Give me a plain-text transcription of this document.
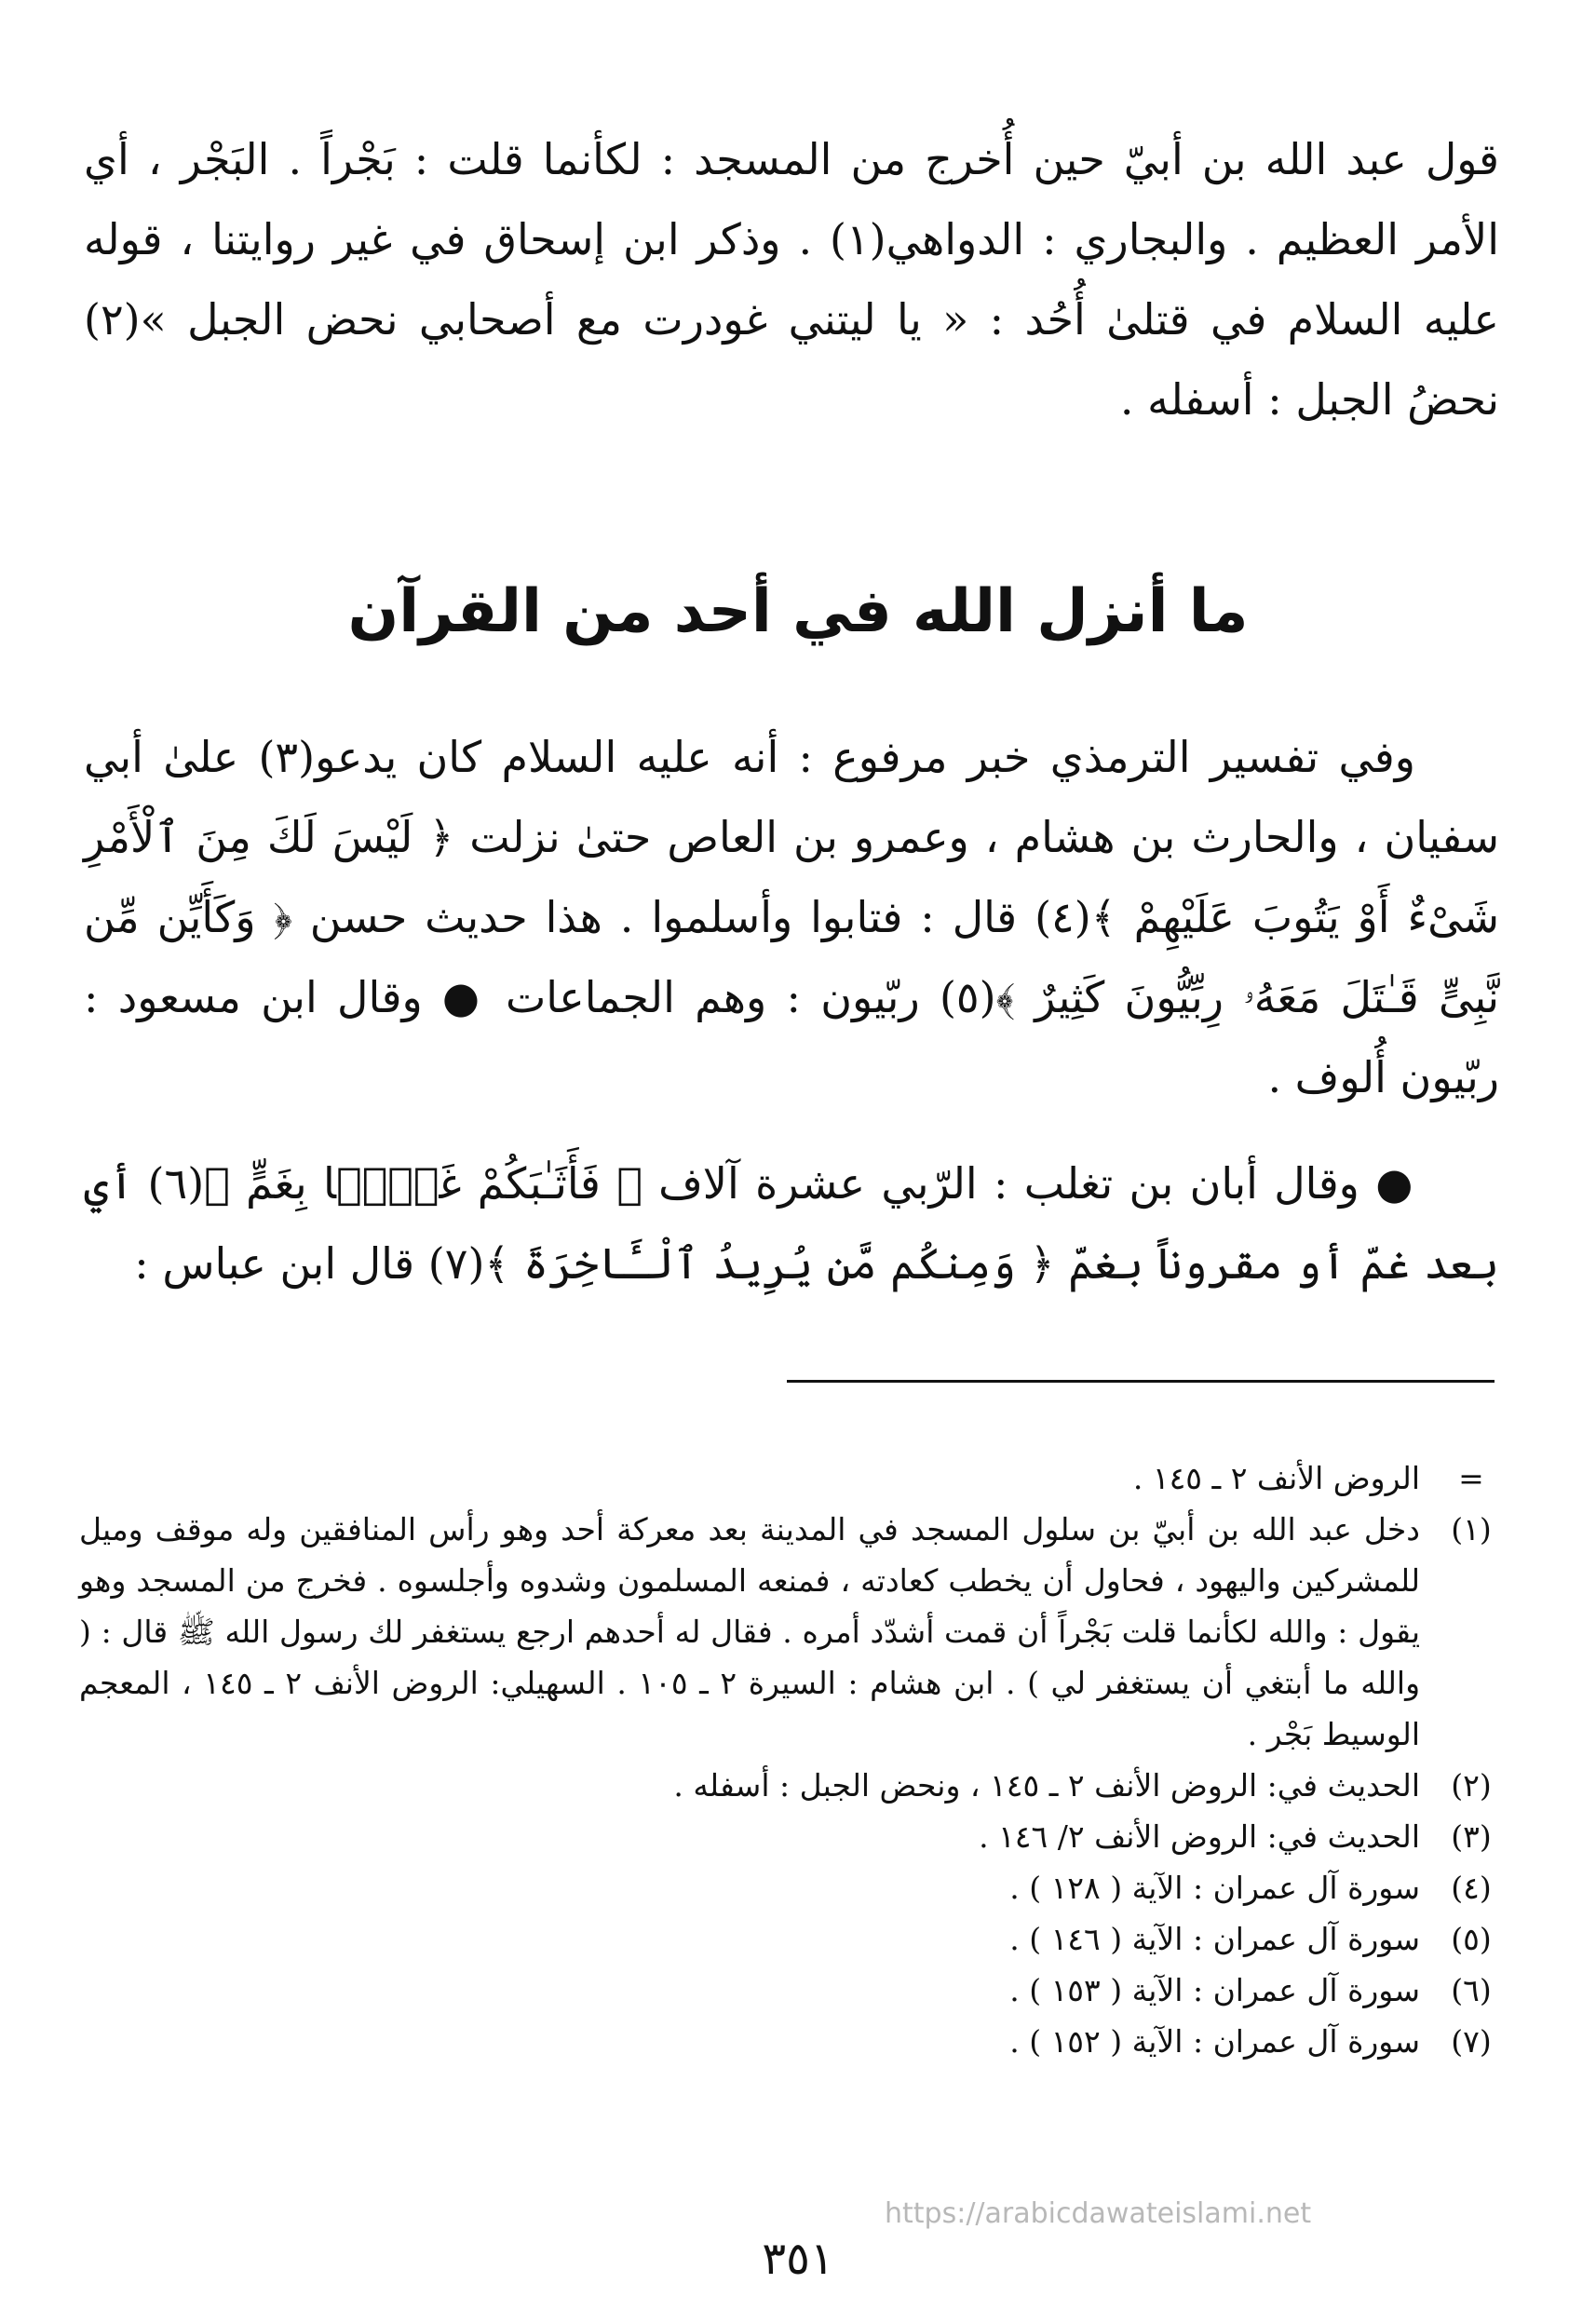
قول عبد الله بن أبيّ حين أُخرج من المسجد : لكأنما قلت : بَجْراً . البَجْر ، أي الأمر العظيم . والبجاري : الدواهي(١) . وذكر ابن إسحاق في غير روايتنا ، قوله عليه السلام في قتلىٰ أُحُد : « يا ليتني غودرت مع أصحابي نحض الجبل »(٢) نحضُ الجبل : أسفله .

ما أنزل الله في أحد من القرآن

وفي تفسير الترمذي خبر مرفوع : أنه عليه السلام كان يدعو(٣) علىٰ أبي سفيان ، والحارث بن هشام ، وعمرو بن العاص حتىٰ نزلت ﴿ لَيْسَ لَكَ مِنَ ٱلْأَمْرِ شَىْءٌ أَوْ يَتُوبَ عَلَيْهِمْ ﴾(٤) قال : فتابوا وأسلموا . هذا حديث حسن ﴿ وَكَأَيِّن مِّن نَّبِىٍّ قَـٰتَلَ مَعَهُۥ رِبِّيُّونَ كَثِيرٌ ﴾(٥) ربّيون : وهم الجماعات ● وقال ابن مسعود : ربّيون أُلوف .

● وقال أبان بن تغلب : الرّبي عشرة آلاف ﴿ فَأَثَـٰبَكُمْ غَمًّۢا بِغَمٍّ ﴾(٦) أي بعد غمّ أو مقروناً بغمّ ﴿ وَمِنكُم مَّن يُرِيدُ ٱلْـَٔاخِرَةَ ﴾(٧) قال ابن عباس :

=
الروض الأنف ٢ ـ ١٤٥ .
(١)
دخل عبد الله بن أبيّ بن سلول المسجد في المدينة بعد معركة أحد وهو رأس المنافقين وله موقف وميل للمشركين واليهود ، فحاول أن يخطب كعادته ، فمنعه المسلمون وشدوه وأجلسوه . فخرج من المسجد وهو يقول : والله لكأنما قلت بَجْراً أن قمت أشدّد أمره . فقال له أحدهم ارجع يستغفر لك رسول الله ﷺ قال : ( والله ما أبتغي أن يستغفر لي ) . ابن هشام : السيرة ٢ ـ ١٠٥ . السهيلي: الروض الأنف ٢ ـ ١٤٥ ، المعجم الوسيط بَجْر .
(٢)
الحديث في: الروض الأنف ٢ ـ ١٤٥ ، ونحض الجبل : أسفله .
(٣)
الحديث في: الروض الأنف ٢/ ١٤٦ .
(٤)
سورة آل عمران : الآية ( ١٢٨ ) .
(٥)
سورة آل عمران : الآية ( ١٤٦ ) .
(٦)
سورة آل عمران : الآية ( ١٥٣ ) .
(٧)
سورة آل عمران : الآية ( ١٥٢ ) .
https://arabicdawateislami.net
٣٥١
